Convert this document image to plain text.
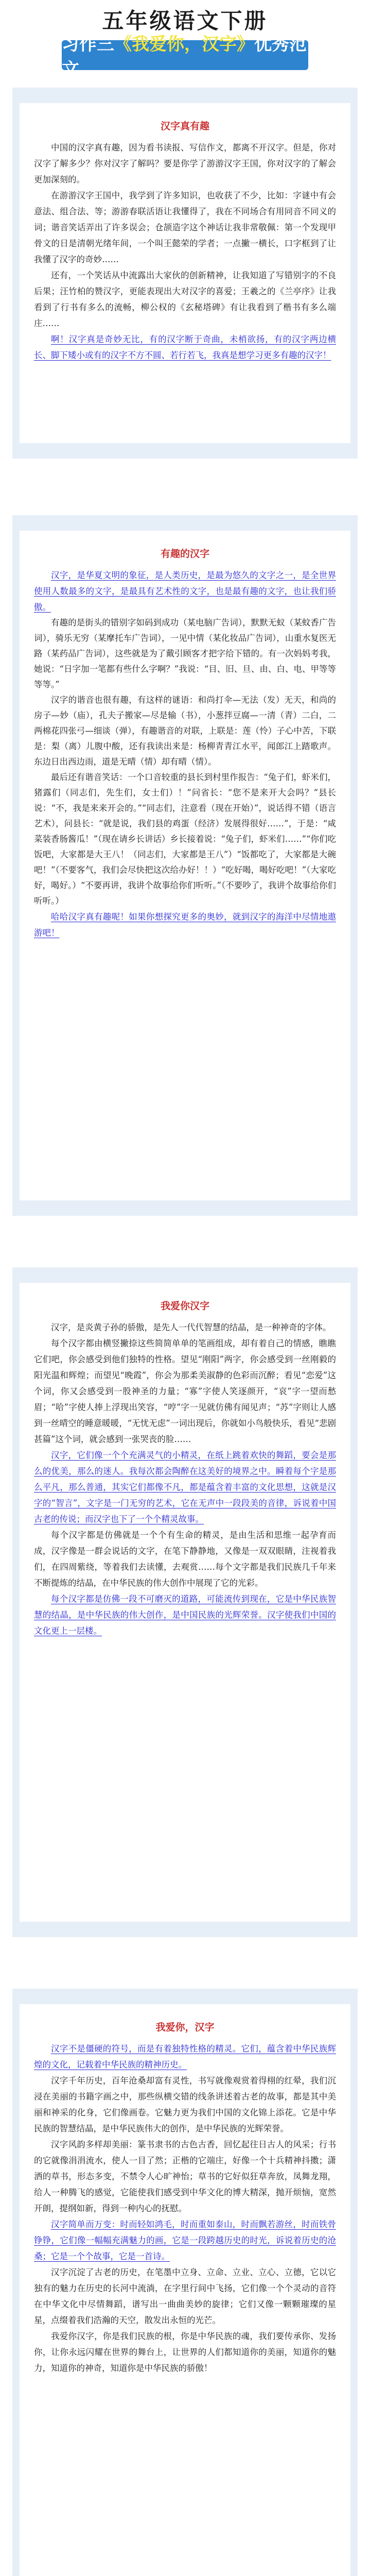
五年级语文下册
习作三《我爱你，汉字》优秀范文
汉字真有趣

中国的汉字真有趣，因为看书读报、写信作文，都离不开汉字。但是，你对汉字了解多少？你对汉字了解吗？要是你学了游游汉字王国，你对汉字的了解会更加深刻的。

在游游汉字王国中，我学到了许多知识，也收获了不少，比如：字谜中有会意法、组合法、等；游游春联活语让我懂得了，我在不同场合有用同音不同义的词；谐音笑话弄出了许多误会；仓颉造字这个神话让我非常敬佩：第一个发现甲骨文的日是清朝光绪年间，一个叫王懿荣的学者；一点撇一横长，口字框到了让我懂了汉字的奇妙……

还有，一个笑话从中流露出大家伙的创新精神，让我知道了写错别字的不良后果；汪竹柏的赞汉字，更能表现出大对汉字的喜爱；王羲之的《兰亭序》让我看到了行书有多么的流畅，柳公权的《玄秘塔碑》有让我看到了楷书有多么端庄……

啊！汉字真是奇妙无比，有的汉字断于奇曲，未梢欲扬，有的汉字两边横长、脚下矮小或有的汉字不方不圆、若行若飞，我真是想学习更多有趣的汉字！

有趣的汉字

汉字，是华夏文明的象征，是人类历史，是最为悠久的文字之一，是全世界使用人数最多的文字，是最具有艺术性的文字，也是最有趣的文字，也让我们骄傲。

有趣的是街头的错别字如码到成功（某电脑广告词），默默无蚁（某蚊香广告词），骑乐无穷（某摩托车广告词），一见中情（某化妆品广告词），山重水复医无路（某药品广告词），这些就是为了戴引顾客才把字给下错的。有一次妈妈考我，她说：“日字加一笔都有些什么字啊？”我说：“目、旧、旦、由、白、电、甲等等等等。”

汉字的谐音也很有趣，有这样的谜语：和尚打伞—无法（发）无天，和尚的房子—妙（庙），孔夫子搬家—尽是输（书），小葱拌豆腐—一清（青）二白，二两棉花四张弓—细谈（弹），有趣谐音的对联，上联是：莲（怜）子心中苦，下联是：梨（离）儿腹中酸，还有我读出来是：杨柳青青江水平，闻郎江上踏歌声。东边日出西边雨，道是无晴（情）却有晴（情）。

最后还有谐音笑话：一个口音较重的县长到村里作报告：“兔子们，虾米们，猪露们（同志们，先生们，女士们）！”问省长：“您不是来开大会吗？”县长说：“不，我是来来开会的。”“同志们，注意看（现在开始）”，说话得不错（语言艺术），问县长：“就是说，我们县的鸡蛋（经济）发展得很好……”，于是：“咸菜装香肠酱瓜！”（现在请乡长讲话）乡长接着说：“兔子们，虾米们……”“你们吃饭吧，大家都是大王八！（同志们，大家都是王八”）“饭都吃了，大家都是大碗吧！”（不要客气，我们会尽快把这次给办好！！）“吃好喝，喝好吃吧！”（大家吃好，喝好。）“不要再讲，我讲个故事给你们听听。”（不要吵了，我讲个故事给你们听听。）

哈哈汉字真有趣呢！如果你想探究更多的奥妙，就到汉字的海洋中尽情地遨游吧！

我爱你汉字

汉字，是炎黄子孙的骄傲，是先人一代代智慧的结晶，是一种神奇的字体。

每个汉字都由横竖撇捺这些简简单单的笔画组成，却有着自己的情感，瞧瞧它们吧，你会感受到他们独特的性格。望见“刚阳”两字，你会感受到一丝刚毅的阳光温和辉煌；而望见“晚霞”，你会为那柔美淑静的色彩而沉醉；看见“恋爱”这个词，你又会感受到一股神圣的力量；“寡”字使人笑逐颜开，“哀”字一望而愁眉；“哈”字使人捧上浮现出笑容，“哼”字一见就仿佛有闻见声；“苏”字则让人感到一丝晴空的睡意暖暖，“无忧无虑”一词出现后，你就如小鸟般快乐，看见“悲剧甚篇”这个词，就会感到一张哭丧的脸……

汉字，它们像一个个充满灵气的小精灵，在纸上跳着欢快的舞蹈，要会是那么的优美，那么的迷人。我每次都会陶醉在这美好的境界之中。瞬着每个字是那么平凡，那么普通，其实它们都像不凡，都是蕴含着丰富的文化思想，这就是汉字的“智言”，文字是一门无穷的艺术，它在无声中一段段美的音律，诉说着中国古老的传说；而汉字也下了一个个精灵故事。

每个汉字都是仿佛就是一个个有生命的精灵，是由生活和思维一起孕育而成，汉字像是一群会说话的文字，在笔下静静地，又像是一双双眼睛，注视着我们，在四周紫绕，等着我们去读懂，去观赏……每个文字都是我们民族几千年来不断提炼的结晶，在中华民族的伟大创作中展现了它的光彩。

每个汉字都是仿佛一段不可磨灭的道路，可能流传到现在，它是中华民族智慧的结晶，是中华民族的伟大创作，是中国民族的光辉荣誉。汉字使我们中国的文化更上一层楼。

我爱你，汉字

汉字不是僵硬的符号，而是有着独特性格的精灵。它们，蕴含着中华民族辉煌的文化，记载着中华民族的精神历史。

汉字千年历史，百年沧桑却富有灵性，书写就像观赏着得栩的红晕，我们沉浸在美丽的书籍字画之中，那些纵横交错的线条讲述着古老的故事，都是其中美丽和神采的化身，它们像画卷。它魅力更为我们中国的文化锦上添花。它是中华民族的智慧结晶，是中华民族伟大的创作，是中华民族的光辉荣誉。

汉字风韵多样却美丽：篆书隶书的古色古香，回忆起往日古人的风采；行书的它就像涓涓流水，使人一目了然；正楷的它端庄，好像一个十兵精神抖擞；潇洒的草书，形态多变，不禁令人心旷神怡；草书的它好似狂草奔放，凤舞龙翔，给人一种腾飞的感觉，它能使我们感受到中华文化的博大精深，抛开烦恼，宽然开朗，提纲如新，得到一种内心的抚慰。

汉字简单而万变：时而轻如鸿毛，时而重如泰山，时而飘若游丝，时而铁骨铮铮，它们像一幅幅充满魅力的画，它是一段跨越历史的时光，诉说着历史的沧桑；它是一个个故事，它是一首诗。

汉字沉淀了古老的历史，在笔墨中立身、立命、立业、立心、立德，它以它独有的魅力在历史的长河中流淌，在字里行间中飞扬，它们像一个个灵动的音符在中华文化中尽情舞蹈，谱写出一曲曲美妙的旋律；它们又像一颗颗璀璨的星星，点缀着我们浩瀚的天空，散发出永恒的光芒。

我爱你汉字，你是我们民族的根，你是中华民族的魂，我们要传承你、发扬你，让你永远闪耀在世界的舞台上，让世界的人们都知道你的美丽，知道你的魅力，知道你的神奇，知道你是中华民族的骄傲！
